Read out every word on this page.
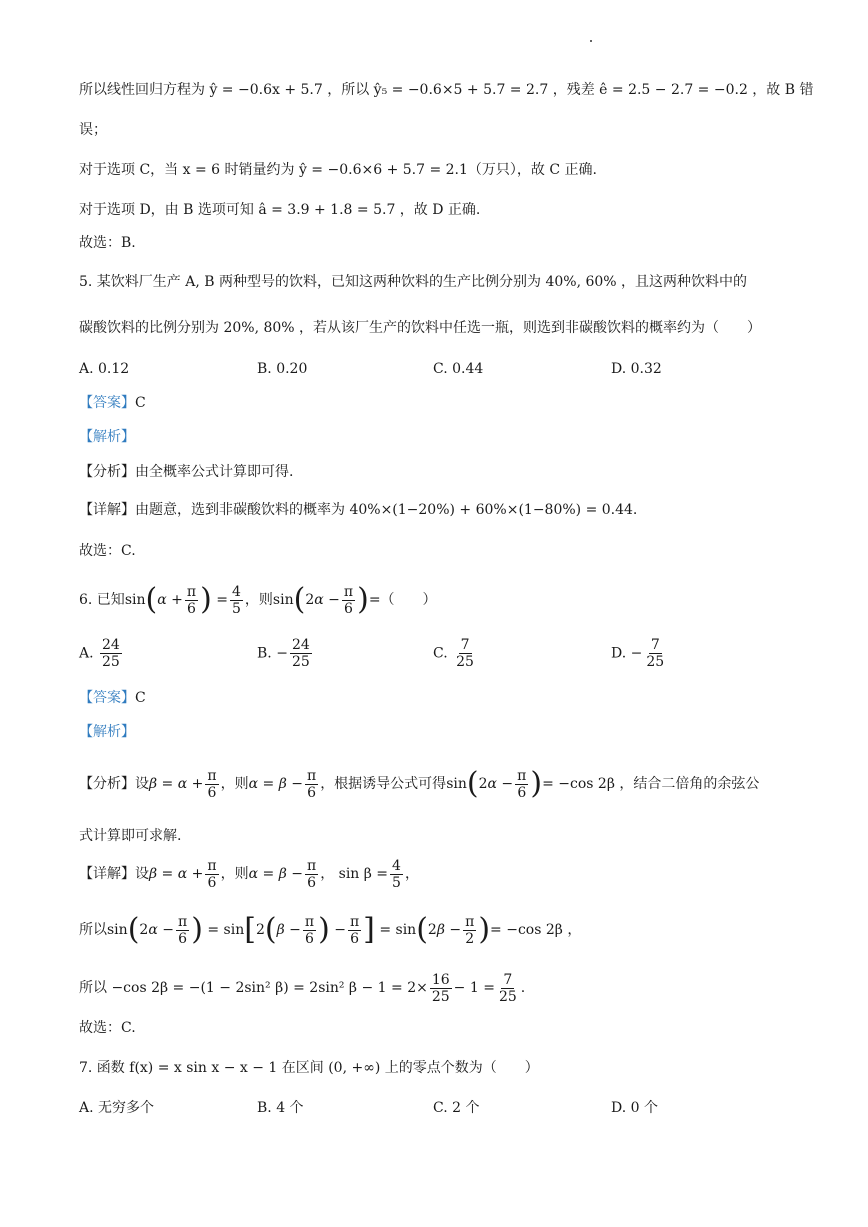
所以线性回归方程为 ŷ = −0.6x + 5.7 ，所以 ŷ₅ = −0.6×5 + 5.7 = 2.7 ，残差 ê = 2.5 − 2.7 = −0.2 ，故 B 错
误；
对于选项 C，当 x = 6 时销量约为 ŷ = −0.6×6 + 5.7 = 2.1（万只），故 C 正确.
对于选项 D，由 B 选项可知 â = 3.9 + 1.8 = 5.7 ，故 D 正确.
故选：B.
5. 某饮料厂生产 A, B 两种型号的饮料，已知这两种饮料的生产比例分别为 40%, 60% ，且这两种饮料中的
碳酸饮料的比例分别为 20%, 80% ，若从该厂生产的饮料中任选一瓶，则选到非碳酸饮料的概率约为（　　）
A. 0.12	B. 0.20	C. 0.44	D. 0.32
【答案】C
【解析】
【分析】由全概率公式计算即可得.
【详解】由题意，选到非碳酸饮料的概率为 40%×(1−20%) + 60%×(1−80%) = 0.44.
故选：C.
6. 已知$\sin(\alpha + \frac{\pi}{6}$ ) = $\frac{4}{5}$ ，则$\sin(2\alpha - \frac{\pi}{6}$ )=（　　）
A. $\frac{24}{25}$	B. − $\frac{24}{25}$	C. $\frac{7}{25}$	D. − $\frac{7}{25}$
【答案】C
【解析】
【分析】设$\beta = \alpha + \frac{\pi}{6}$ ，则$\alpha = \beta - \frac{\pi}{6}$ ，根据诱导公式可得$\sin(2\alpha - \frac{\pi}{6}$ )= −cos 2β ，结合二倍角的余弦公
式计算即可求解.
【详解】设$\beta = \alpha + \frac{\pi}{6}$ ，则$\alpha = \beta - \frac{\pi}{6}$ ， $\sin \beta = \frac{4}{5}$ ，
所以$\sin(2\alpha - \frac{\pi}{6}$ ) = $\sin[2(\beta - \frac{\pi}{6}$ ) − $\frac{\pi}{6}$ ] = $\sin(2\beta - \frac{\pi}{2}$ )= −cos 2β ，
所以 −cos 2β = −(1 − 2sin² β) = 2sin² $\beta - 1 = 2\times \frac{16}{25} - 1 = \frac{7}{25}$ .
故选：C.
7. 函数 f(x) = x sin x − x − 1 在区间 (0, +∞) 上的零点个数为（　　）
A. 无穷多个	B. 4 个	C. 2 个	D. 0 个
